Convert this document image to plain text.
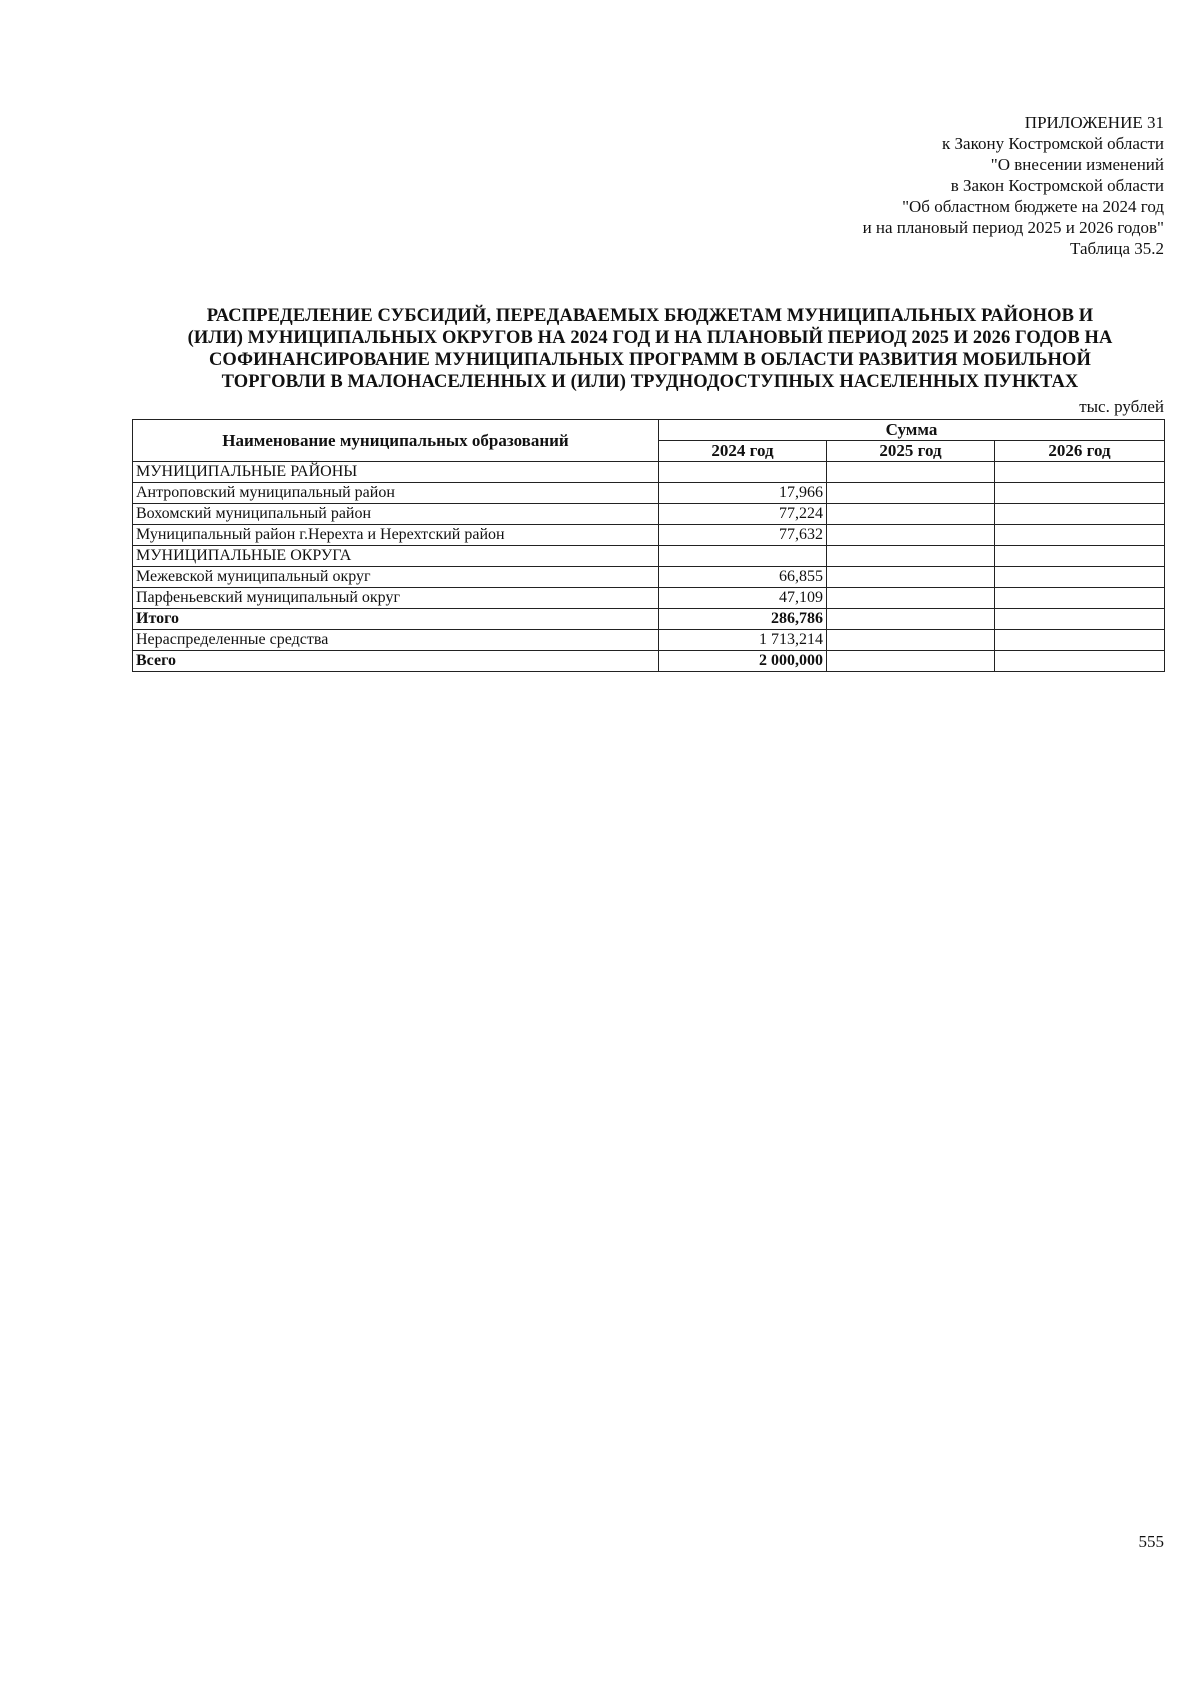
ПРИЛОЖЕНИЕ 31
к Закону Костромской области
"О внесении изменений
в Закон Костромской области
"Об областном бюджете на 2024 год
и на плановый период 2025 и 2026 годов"
Таблица 35.2
РАСПРЕДЕЛЕНИЕ СУБСИДИЙ, ПЕРЕДАВАЕМЫХ БЮДЖЕТАМ МУНИЦИПАЛЬНЫХ РАЙОНОВ И
(ИЛИ) МУНИЦИПАЛЬНЫХ ОКРУГОВ НА 2024 ГОД И НА ПЛАНОВЫЙ ПЕРИОД 2025 И 2026 ГОДОВ НА
СОФИНАНСИРОВАНИЕ МУНИЦИПАЛЬНЫХ ПРОГРАММ В ОБЛАСТИ РАЗВИТИЯ МОБИЛЬНОЙ
ТОРГОВЛИ В МАЛОНАСЕЛЕННЫХ И (ИЛИ) ТРУДНОДОСТУПНЫХ НАСЕЛЕННЫХ ПУНКТАХ
тыс. рублей
Наименование муниципальных образований	Сумма		
	2024 год	2025 год	2026 год
МУНИЦИПАЛЬНЫЕ РАЙОНЫ			
Антроповский муниципальный район	17,966		
Вохомский муниципальный район	77,224		
Муниципальный район г.Нерехта и Нерехтский район	77,632		
МУНИЦИПАЛЬНЫЕ ОКРУГА			
Межевской муниципальный округ	66,855		
Парфеньевский муниципальный округ	47,109		
Итого	286,786		
Нераспределенные средства	1 713,214		
Всего	2 000,000		
555
